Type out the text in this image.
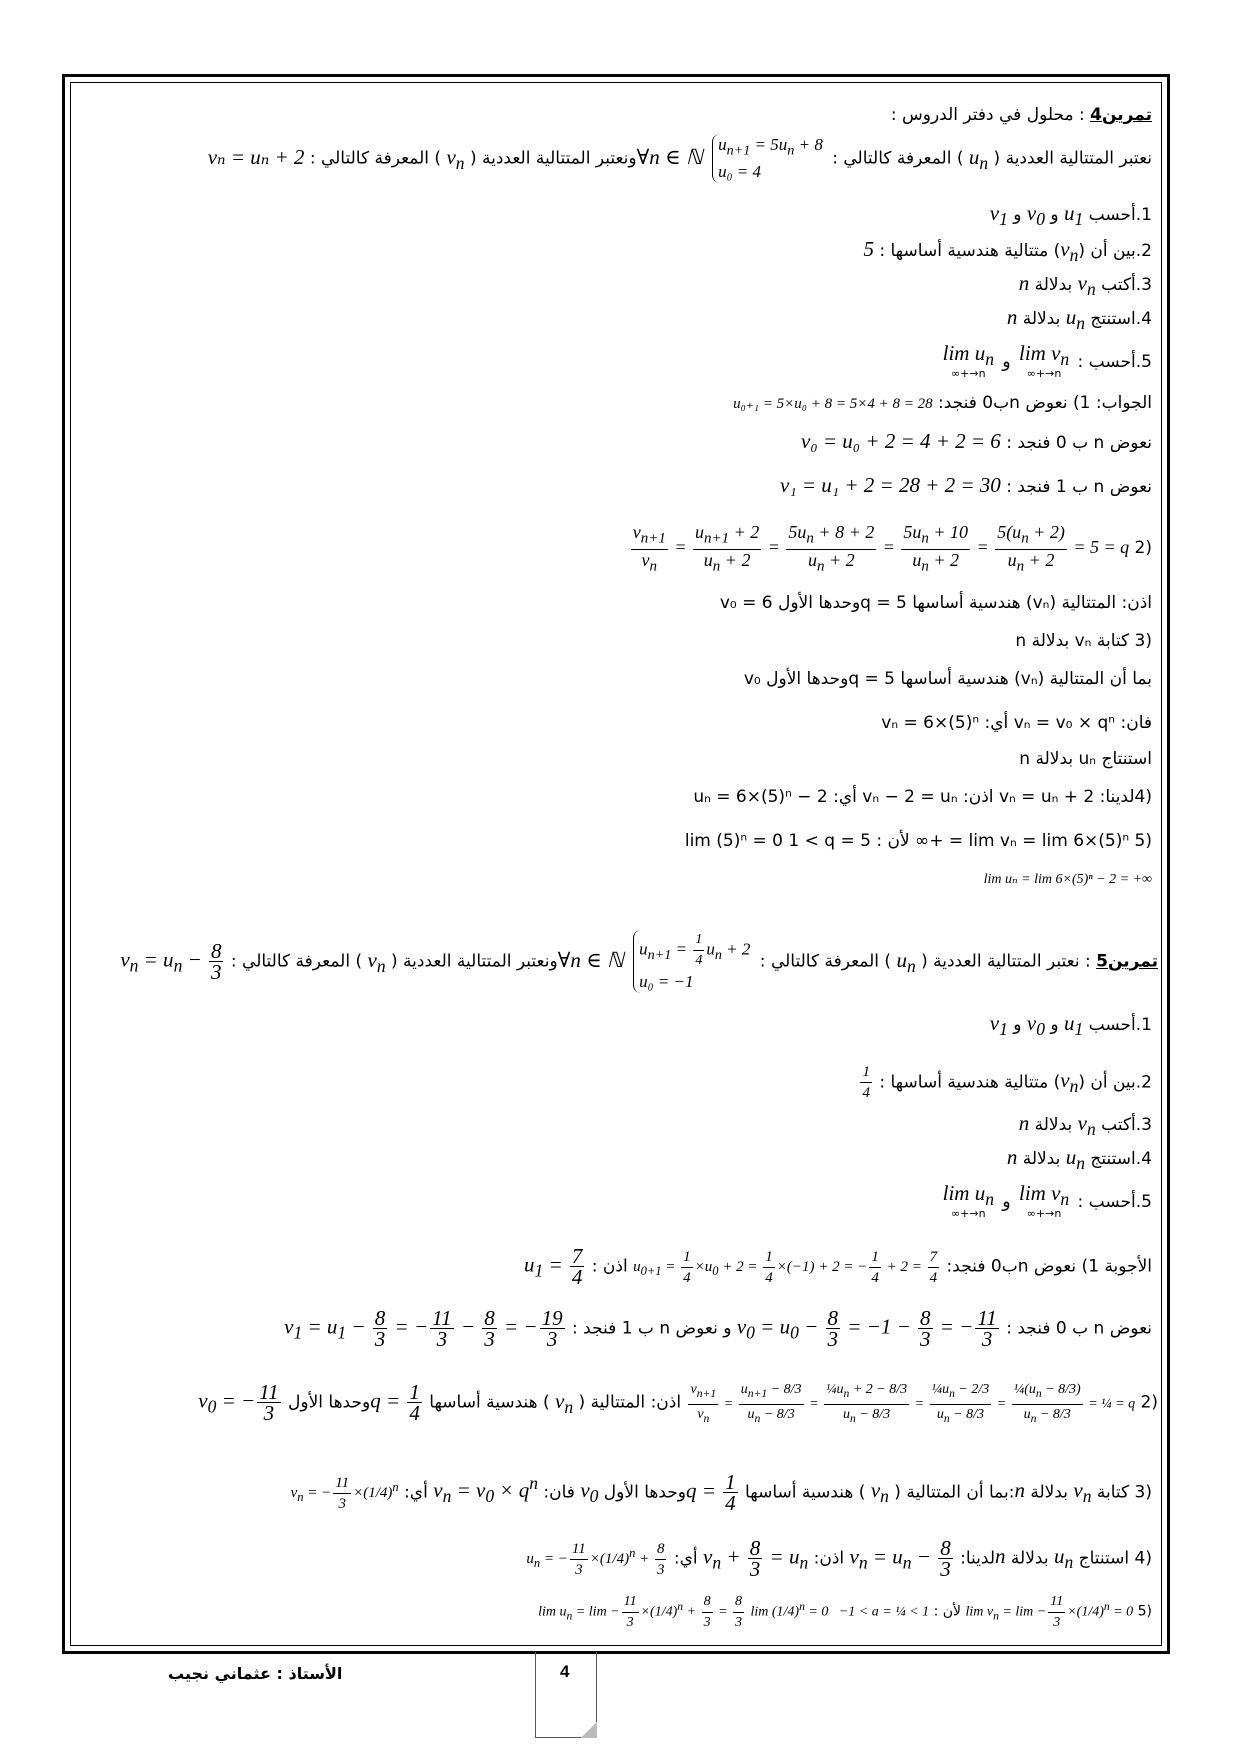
تمرين4 : محلول في دفتر الدروس :
نعتبر المتتالية العددية ( $u_n$ ) المعرفة كالتالي :
$u_{n+1} = 5u_n + 8$
u₀ = 4
∀n ∈ ℕونعتبر المتتالية العددية ( $v_n$ ) المعرفة كالتالي : vₙ = uₙ + 2
1.أحسب $u_1$ و $v_0$ و $v_1$
2.بين أن $(v_n)$ متتالية هندسية أساسها : 5
3.أكتب $v_n$ بدلالة n
4.استنتج $u_n$ بدلالة n
5.أحسب :
$\lim v_n$
n→+∞
و
$\lim u_n$
n→+∞
الجواب: 1) نعوض nب0 فنجد: u₀₊₁ = 5×u₀ + 8 = 5×4 + 8 = 28
نعوض n ب 0 فنجد : v₀ = u₀ + 2 = 4 + 2 = 6
نعوض n ب 1 فنجد : v₁ = u₁ + 2 = 28 + 2 = 30
(2
$\frac{v_{n+1}}{v_n} = \frac{u_{n+1} + 2}{u_n + 2} = \frac{5u_n + 8 + 2}{u_n + 2} = \frac{5u_n + 10}{u_n + 2} = \frac{5(u_n + 2)}{u_n + 2} = 5 = q$
اذن: المتتالية (vₙ) هندسية أساسها q = 5وحدها الأول v₀ = 6
(3 كتابة vₙ بدلالة n
بما أن المتتالية (vₙ) هندسية أساسها q = 5وحدها الأول v₀
فان: vₙ = v₀ × qⁿ أي: vₙ = 6×(5)ⁿ
استنتاج uₙ بدلالة n
(4لدينا: vₙ = uₙ + 2 اذن: vₙ − 2 = uₙ أي: uₙ = 6×(5)ⁿ − 2
(5 lim vₙ = lim 6×(5)ⁿ = +∞ لأن : lim (5)ⁿ = 0 1 < q = 5
lim uₙ = lim 6×(5)ⁿ − 2 = +∞
تمرين5 : نعتبر المتتالية العددية ( $u_n$ ) المعرفة كالتالي :
$u_{n+1} = \frac{1}{4} u_n + 2$
u₀ = −1
∀n ∈ ℕونعتبر المتتالية العددية ( $v_n$ ) المعرفة كالتالي : $v_n = u_n - \frac{8}{3}$
1.أحسب $u_1$ و $v_0$ و $v_1$
2.بين أن $(v_n)$ متتالية هندسية أساسها :
$\frac{1}{4}$
3.أكتب $v_n$ بدلالة n
4.استنتج $u_n$ بدلالة n
5.أحسب :
$\lim v_n$
n→+∞
و
$\lim u_n$
n→+∞
الأجوبة 1) نعوض nب0 فنجد: $u_{0+1} = \frac{1}{4} \times u_0 + 2 = \frac{1}{4} \times(-1) + 2$ = − $\frac{1}{4} + 2 = \frac{7}{4}$
اذن : $u_1 = \frac{7}{4}$
نعوض n ب 0 فنجد : $v_0 = u_0 - \frac{8}{3} = -1 - \frac{8}{3}$ = − $\frac{11}{3}$
و نعوض n ب 1 فنجد : $v_1 = u_1 - \frac{8}{3}$ = − $\frac{11}{3} - \frac{8}{3}$ = − $\frac{19}{3}$
(2
$\frac{v_{n+1}}{v_n} = \frac{u_{n+1} - 8/3}{u_n - 8/3} = \frac{\frac{1}{4}u_n + 2 - 8/3}{u_n - 8/3} = \frac{\frac{1}{4}u_n - 2/3}{u_n - 8/3} = \frac{\frac{1}{4}(u_n - 8/3)}{u_n - 8/3}$ = ¼ = q اذن: المتتالية ( $v_n$ ) هندسية أساسها $q = \frac{1}{4}$
وحدها الأول $v_0$ = − $\frac{11}{3}$
(3 كتابة $v_n$ بدلالة n:بما أن المتتالية ( $v_n$ ) هندسية أساسها $q = \frac{1}{4}$
وحدها الأول $v_0$ فان: $v_n = v_0 \times q^n$ أي: $v_n$ = − $\frac{11}{3} \times(1/4)^n$
(4 استنتاج $u_n$ بدلالة nلدينا: $v_n = u_n - \frac{8}{3}$
اذن: $v_n + \frac{8}{3} = u_n$ أي: $u_n$ = − $\frac{11}{3} \times(1/4)^n + \frac{8}{3}$
(5 $\lim v_n = \lim - \frac{11}{3} \times(1/4)^n = 0$ لأن : $\lim (1/4)^n = 0 -1 < a$ = ¼ < 1 $\lim u_n = \lim - \frac{11}{3} \times(1/4)^n + \frac{8}{3} = \frac{8}{3}$
الأستاذ : عثماني نجيب	4
